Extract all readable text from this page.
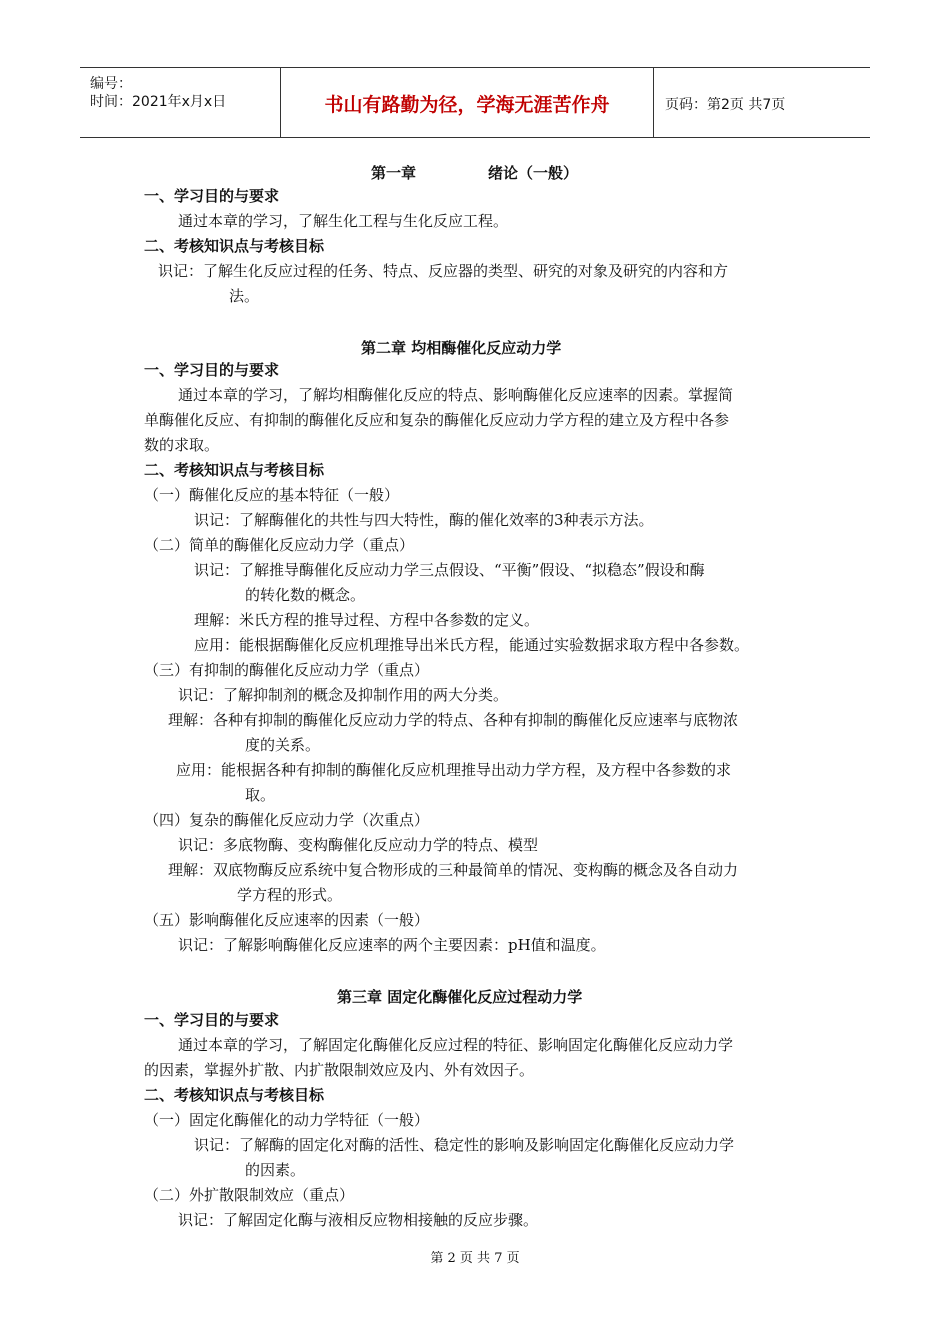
编号：
时间：2021年x月x日	书山有路勤为径，学海无涯苦作舟	页码：第2页 共7页
第一章	绪论（一般）
一、学习目的与要求
通过本章的学习，了解生化工程与生化反应工程。
二、考核知识点与考核目标
识记：了解生化反应过程的任务、特点、反应器的类型、研究的对象及研究的内容和方
法。
第二章 均相酶催化反应动力学
一、学习目的与要求
通过本章的学习，了解均相酶催化反应的特点、影响酶催化反应速率的因素。掌握简
单酶催化反应、有抑制的酶催化反应和复杂的酶催化反应动力学方程的建立及方程中各参
数的求取。
二、考核知识点与考核目标
（一）酶催化反应的基本特征（一般）
识记：了解酶催化的共性与四大特性，酶的催化效率的3种表示方法。
（二）简单的酶催化反应动力学（重点）
识记：了解推导酶催化反应动力学三点假设、“平衡”假设、“拟稳态”假设和酶
的转化数的概念。
理解：米氏方程的推导过程、方程中各参数的定义。
应用：能根据酶催化反应机理推导出米氏方程，能通过实验数据求取方程中各参数。
（三）有抑制的酶催化反应动力学（重点）
识记：了解抑制剂的概念及抑制作用的两大分类。
理解：各种有抑制的酶催化反应动力学的特点、各种有抑制的酶催化反应速率与底物浓
度的关系。
应用：能根据各种有抑制的酶催化反应机理推导出动力学方程，及方程中各参数的求
取。
（四）复杂的酶催化反应动力学（次重点）
识记：多底物酶、变构酶催化反应动力学的特点、模型
理解：双底物酶反应系统中复合物形成的三种最简单的情况、变构酶的概念及各自动力
学方程的形式。
（五）影响酶催化反应速率的因素（一般）
识记：了解影响酶催化反应速率的两个主要因素：pH值和温度。
第三章 固定化酶催化反应过程动力学
一、学习目的与要求
通过本章的学习，了解固定化酶催化反应过程的特征、影响固定化酶催化反应动力学
的因素，掌握外扩散、内扩散限制效应及内、外有效因子。
二、考核知识点与考核目标
（一）固定化酶催化的动力学特征（一般）
识记：了解酶的固定化对酶的活性、稳定性的影响及影响固定化酶催化反应动力学
的因素。
（二）外扩散限制效应（重点）
识记：了解固定化酶与液相反应物相接触的反应步骤。
第 2 页 共 7 页
